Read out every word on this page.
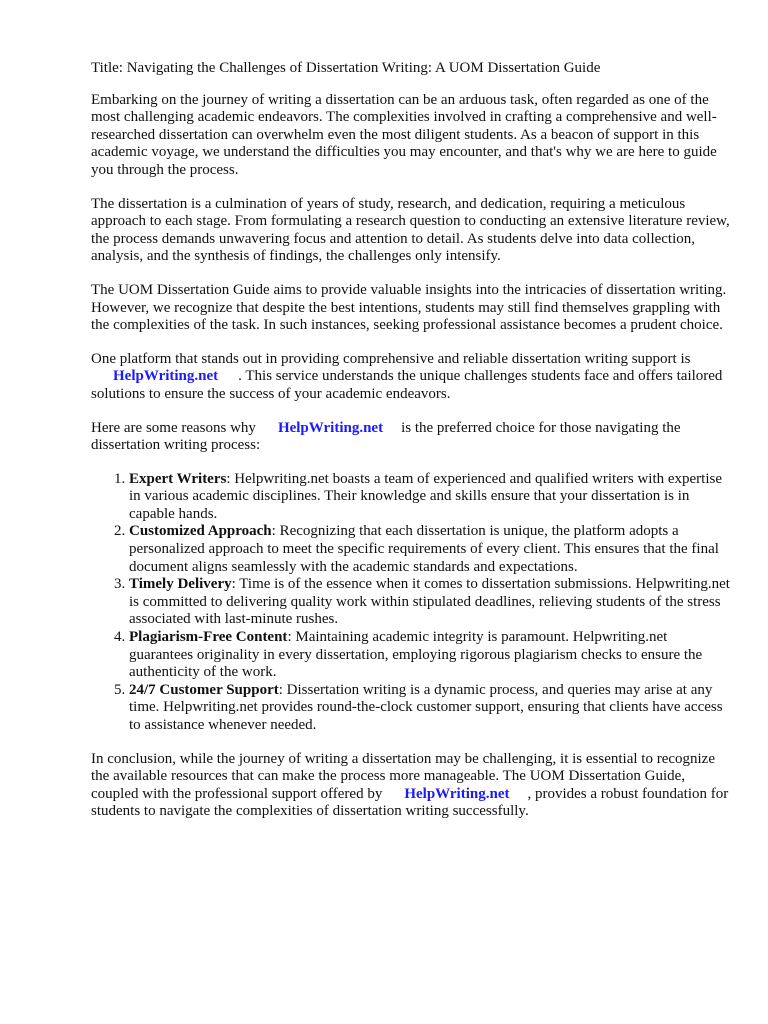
Title: Navigating the Challenges of Dissertation Writing: A UOM Dissertation Guide

Embarking on the journey of writing a dissertation can be an arduous task, often regarded as one of the most challenging academic endeavors. The complexities involved in crafting a comprehensive and well-researched dissertation can overwhelm even the most diligent students. As a beacon of support in this academic voyage, we understand the difficulties you may encounter, and that's why we are here to guide you through the process.

The dissertation is a culmination of years of study, research, and dedication, requiring a meticulous approach to each stage. From formulating a research question to conducting an extensive literature review, the process demands unwavering focus and attention to detail. As students delve into data collection, analysis, and the synthesis of findings, the challenges only intensify.

The UOM Dissertation Guide aims to provide valuable insights into the intricacies of dissertation writing. However, we recognize that despite the best intentions, students may still find themselves grappling with the complexities of the task. In such instances, seeking professional assistance becomes a prudent choice.

One platform that stands out in providing comprehensive and reliable dissertation writing support is
HelpWriting.net . This service understands the unique challenges students face and offers tailored solutions to ensure the success of your academic endeavors.

Here are some reasons why HelpWriting.net is the preferred choice for those navigating the dissertation writing process:

1. Expert Writers: Helpwriting.net boasts a team of experienced and qualified writers with expertise in various academic disciplines. Their knowledge and skills ensure that your dissertation is in capable hands.
2. Customized Approach: Recognizing that each dissertation is unique, the platform adopts a personalized approach to meet the specific requirements of every client. This ensures that the final document aligns seamlessly with the academic standards and expectations.
3. Timely Delivery: Time is of the essence when it comes to dissertation submissions. Helpwriting.net is committed to delivering quality work within stipulated deadlines, relieving students of the stress associated with last-minute rushes.
4. Plagiarism-Free Content: Maintaining academic integrity is paramount. Helpwriting.net guarantees originality in every dissertation, employing rigorous plagiarism checks to ensure the authenticity of the work.
5. 24/7 Customer Support: Dissertation writing is a dynamic process, and queries may arise at any time. Helpwriting.net provides round-the-clock customer support, ensuring that clients have access to assistance whenever needed.

In conclusion, while the journey of writing a dissertation may be challenging, it is essential to recognize the available resources that can make the process more manageable. The UOM Dissertation Guide, coupled with the professional support offered by HelpWriting.net , provides a robust foundation for students to navigate the complexities of dissertation writing successfully.
